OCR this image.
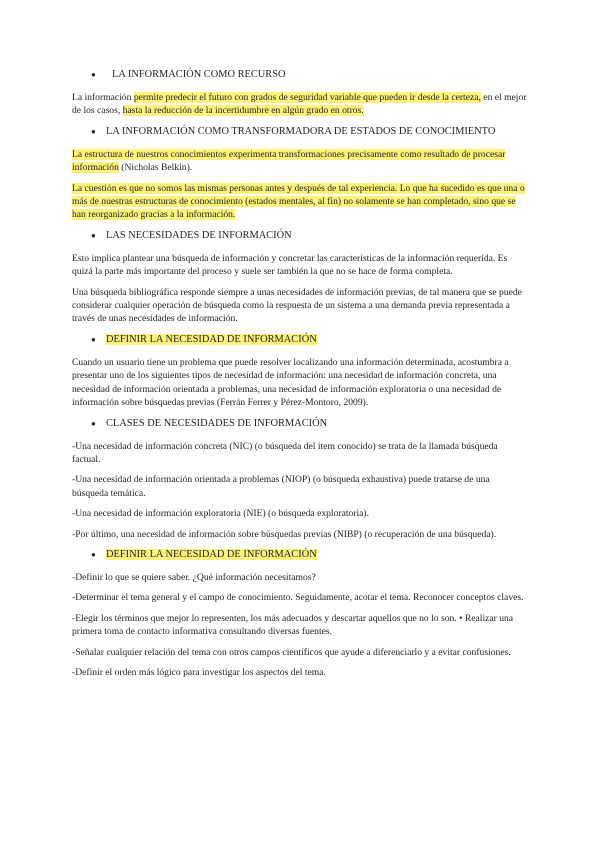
● LA INFORMACIÓN COMO RECURSO

La información permite predecir el futuro con grados de seguridad variable que pueden ir desde la certeza, en el mejor de los casos, hasta la reducción de la incertidumbre en algún grado en otros.

● LA INFORMACIÓN COMO TRANSFORMADORA DE ESTADOS DE CONOCIMIENTO

La estructura de nuestros conocimientos experimenta transformaciones precisamente como resultado de procesar información (Nicholas Belkin).

La cuestión es que no somos las mismas personas antes y después de tal experiencia. Lo que ha sucedido es que una o más de nuestras estructuras de conocimiento (estados mentales, al fin) no solamente se han completado, sino que se han reorganizado gracias a la información.

● LAS NECESIDADES DE INFORMACIÓN

Esto implica plantear una búsqueda de información y concretar las características de la información requerida. Es quizá la parte más importante del proceso y suele ser también la que no se hace de forma completa.

Una búsqueda bibliográfica responde siempre a unas necesidades de información previas, de tal manera que se puede considerar cualquier operación de búsqueda como la respuesta de un sistema a una demanda previa representada a través de unas necesidades de información.

● DEFINIR LA NECESIDAD DE INFORMACIÓN

Cuando un usuario tiene un problema que puede resolver localizando una información determinada, acostumbra a presentar uno de los siguientes tipos de necesidad de información: una necesidad de información concreta, una necesidad de información orientada a problemas, una necesidad de información exploratoria o una necesidad de información sobre búsquedas previas (Ferrán Ferrer y Pérez-Montoro, 2009).

● CLASES DE NECESIDADES DE INFORMACIÓN

-Una necesidad de información concreta (NIC) (o búsqueda del ítem conocido) se trata de la llamada búsqueda factual.

-Una necesidad de información orientada a problemas (NIOP) (o búsqueda exhaustiva) puede tratarse de una búsqueda temática.

-Una necesidad de información exploratoria (NIE) (o búsqueda exploratoria).

-Por último, una necesidad de información sobre búsquedas previas (NIBP) (o recuperación de una búsqueda).

● DEFINIR LA NECESIDAD DE INFORMACIÓN

-Definir lo que se quiere saber. ¿Qué información necesitamos?

-Determinar el tema general y el campo de conocimiento. Seguidamente, acotar el tema. Reconocer conceptos claves.

-Elegir los términos que mejor lo representen, los más adecuados y descartar aquellos que no lo son. • Realizar una primera toma de contacto informativa consultando diversas fuentes.

-Señalar cualquier relación del tema con otros campos científicos que ayude a diferenciarlo y a evitar confusiones.

-Definir el orden más lógico para investigar los aspectos del tema.
